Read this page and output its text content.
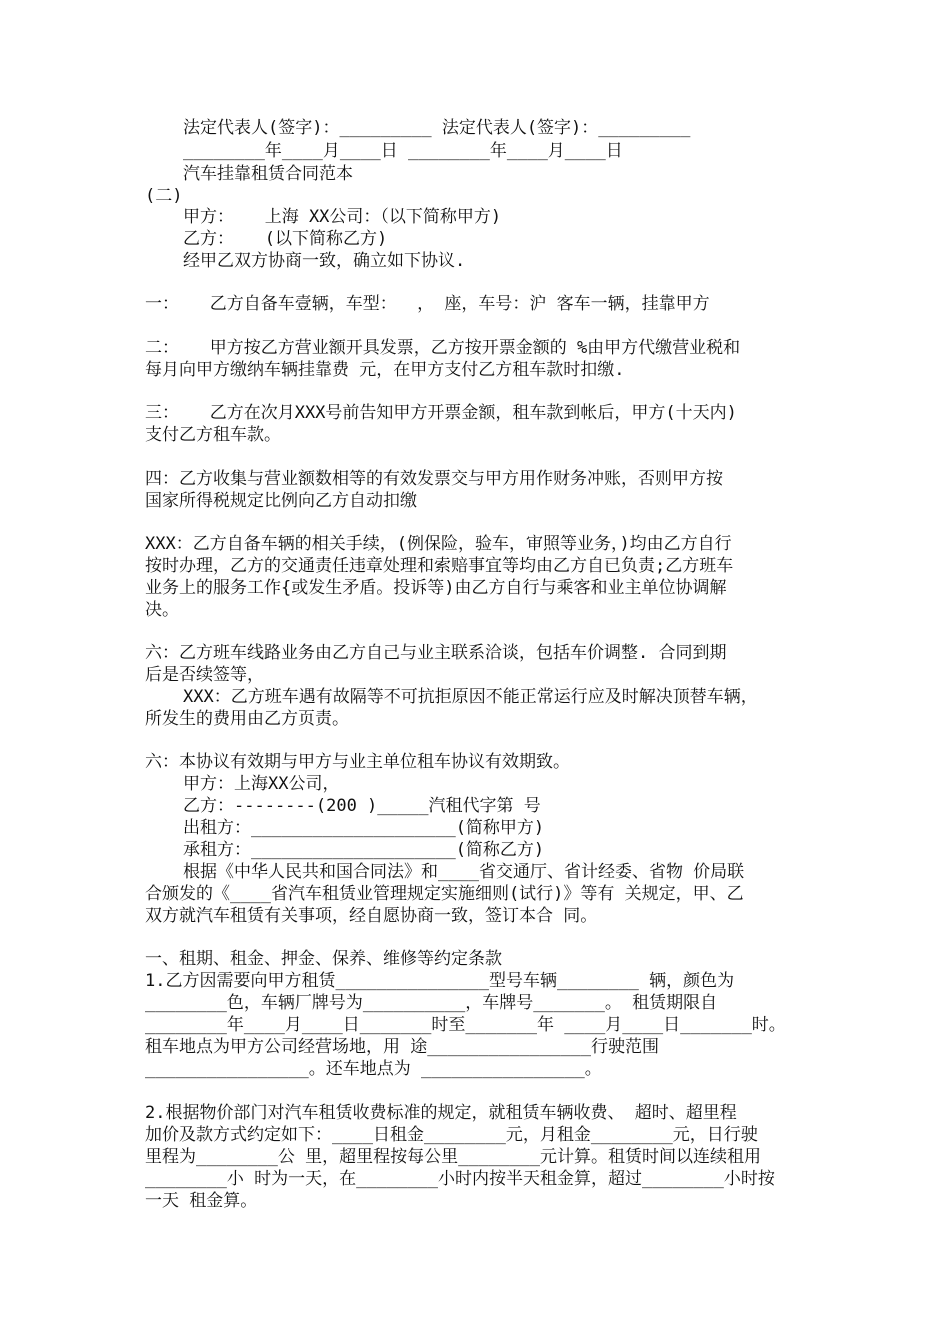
法定代表人(签字)：_________ 法定代表人(签字)：_________
________年____月____日 ________年____月____日
汽车挂靠租赁合同范本
(二)
甲方：   上海 XX公司：（以下简称甲方)
乙方：   (以下简称乙方)
经甲乙双方协商一致，确立如下协议.
一：   乙方自备车壹辆，车型：  ， 座，车号：沪 客车一辆，挂靠甲方
二：   甲方按乙方营业额开具发票，乙方按开票金额的 %由甲方代缴营业税和
每月向甲方缴纳车辆挂靠费 元，在甲方支付乙方租车款时扣缴.
三：   乙方在次月XXX号前告知甲方开票金额，租车款到帐后，甲方(十天内)
支付乙方租车款。
四：乙方收集与营业额数相等的有效发票交与甲方用作财务冲账，否则甲方按
国家所得税规定比例向乙方自动扣缴
XXX：乙方自备车辆的相关手续，(例保险，验车，审照等业务，)均由乙方自行
按时办理，乙方的交通责任违章处理和索赔事宜等均由乙方自已负责;乙方班车
业务上的服务工作{或发生矛盾。投诉等)由乙方自行与乘客和业主单位协调解
决。
六：乙方班车线路业务由乙方自己与业主联系洽谈，包括车价调整. 合同到期
后是否续签等，
XXX：乙方班车遇有故隔等不可抗拒原因不能正常运行应及时解决顶替车辆，
所发生的费用由乙方页责。
六：本协议有效期与甲方与业主单位租车协议有效期致。
甲方：上海XX公司，
乙方：--------(200 )_____汽租代字第 号
出租方：____________________(简称甲方)
承租方：____________________(简称乙方)
根据《中华人民共和国合同法》和____省交通厅、省计经委、省物 价局联
合颁发的《____省汽车租赁业管理规定实施细则(试行)》等有 关规定，甲、乙
双方就汽车租赁有关事项，经自愿协商一致，签订本合 同。
一、租期、租金、押金、保养、维修等约定条款
1.乙方因需要向甲方租赁_______________型号车辆________ 辆，颜色为
________色，车辆厂牌号为__________，车牌号_______。 租赁期限自
________年____月____日_______时至_______年 ____月____日_______时。
租车地点为甲方公司经营场地，用 途________________行驶范围
________________。还车地点为 ________________。
2.根据物价部门对汽车租赁收费标准的规定，就租赁车辆收费、 超时、超里程
加价及款方式约定如下：____日租金________元，月租金________元，日行驶
里程为________公 里，超里程按每公里________元计算。租赁时间以连续租用
________小 时为一天，在________小时内按半天租金算，超过________小时按
一天 租金算。
